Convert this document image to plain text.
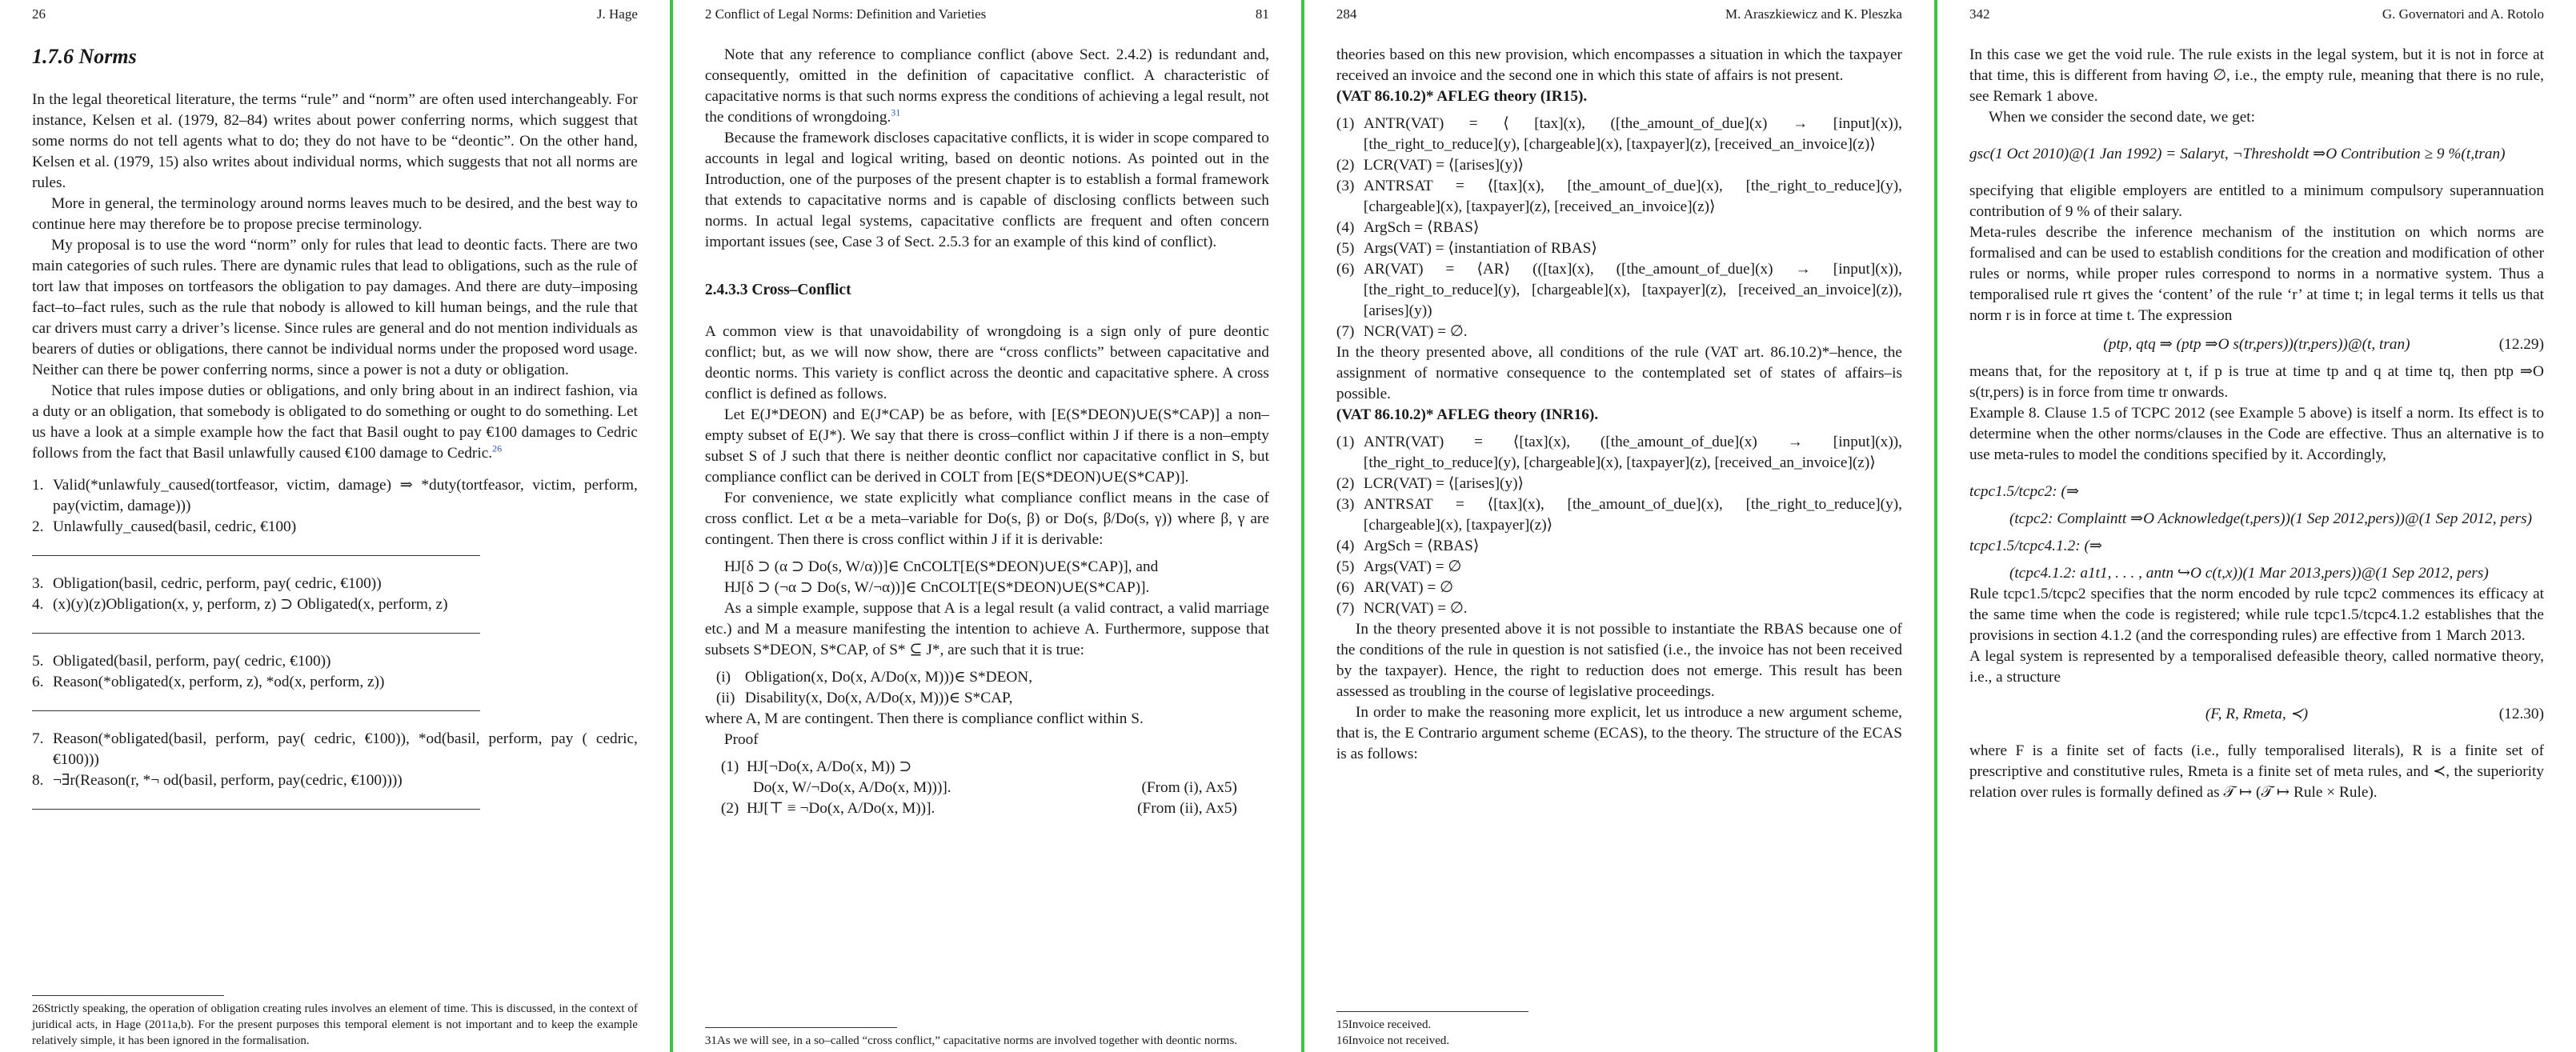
26	J. Hage
1.7.6 Norms

In the legal theoretical literature, the terms “rule” and “norm” are often used interchangeably. For instance, Kelsen et al. (1979, 82–84) writes about power conferring norms, which suggest that some norms do not tell agents what to do; they do not have to be “deontic”. On the other hand, Kelsen et al. (1979, 15) also writes about individual norms, which suggests that not all norms are rules.

More in general, the terminology around norms leaves much to be desired, and the best way to continue here may therefore be to propose precise terminology.

My proposal is to use the word “norm” only for rules that lead to deontic facts. There are two main categories of such rules. There are dynamic rules that lead to obligations, such as the rule of tort law that imposes on tortfeasors the obligation to pay damages. And there are duty–imposing fact–to–fact rules, such as the rule that nobody is allowed to kill human beings, and the rule that car drivers must carry a driver’s license. Since rules are general and do not mention individuals as bearers of duties or obligations, there cannot be individual norms under the proposed word usage. Neither can there be power conferring norms, since a power is not a duty or obligation.

Notice that rules impose duties or obligations, and only bring about in an indirect fashion, via a duty or an obligation, that somebody is obligated to do something or ought to do something. Let us have a look at a simple example how the fact that Basil ought to pay €100 damages to Cedric follows from the fact that Basil unlawfully caused €100 damage to Cedric.$^{26}$

1. Valid(*unlawfuly_caused(tortfeasor, victim, damage) ⇒ *duty(tortfeasor, victim, perform, pay(victim, damage)))
2. Unlawfully_caused(basil, cedric, €100)
3. Obligation(basil, cedric, perform, pay( cedric, €100))
4. (x)(y)(z)Obligation(x, y, perform, z) ⊃ Obligated(x, perform, z)
5. Obligated(basil, perform, pay( cedric, €100))
6. Reason(*obligated(x, perform, z), *od(x, perform, z))
7. Reason(*obligated(basil, perform, pay( cedric, €100)), *od(basil, perform, pay ( cedric, €100)))
8. ¬∃r(Reason(r, *¬ od(basil, perform, pay(cedric, €100))))
26Strictly speaking, the operation of obligation creating rules involves an element of time. This is discussed, in the context of juridical acts, in Hage (2011a,b). For the present purposes this temporal element is not important and to keep the example relatively simple, it has been ignored in the formalisation.
2 Conflict of Legal Norms: Definition and Varieties	81

Note that any reference to compliance conflict (above Sect. 2.4.2) is redundant and, consequently, omitted in the definition of capacitative conflict. A characteristic of capacitative norms is that such norms express the conditions of achieving a legal result, not the conditions of wrongdoing.$^{31}$

Because the framework discloses capacitative conflicts, it is wider in scope compared to accounts in legal and logical writing, based on deontic notions. As pointed out in the Introduction, one of the purposes of the present chapter is to establish a formal framework that extends to capacitative norms and is capable of disclosing conflicts between such norms. In actual legal systems, capacitative conflicts are frequent and often concern important issues (see, Case 3 of Sect. 2.5.3 for an example of this kind of conflict).

2.4.3.3 Cross–Conflict

A common view is that unavoidability of wrongdoing is a sign only of pure deontic conflict; but, as we will now show, there are “cross conflicts” between capacitative and deontic norms. This variety is conflict across the deontic and capacitative sphere. A cross conflict is defined as follows.

Let E(J*DEON) and E(J*CAP) be as before, with [E(S*DEON)∪E(S*CAP)] a non–empty subset of E(J*). We say that there is cross–conflict within J if there is a non–empty subset S of J such that there is neither deontic conflict nor capacitative conflict in S, but compliance conflict can be derived in COLT from [E(S*DEON)∪E(S*CAP)].

For convenience, we state explicitly what compliance conflict means in the case of cross conflict. Let α be a meta–variable for Do(s, β) or Do(s, β/Do(s, γ)) where β, γ are contingent. Then there is cross conflict within J if it is derivable:

HJ[δ ⊃ (α ⊃ Do(s, W/α))]∈ CnCOLT[E(S*DEON)∪E(S*CAP)], and
HJ[δ ⊃ (¬α ⊃ Do(s, W/¬α))]∈ CnCOLT[E(S*DEON)∪E(S*CAP)].

As a simple example, suppose that A is a legal result (a valid contract, a valid marriage etc.) and M a measure manifesting the intention to achieve A. Furthermore, suppose that subsets S*DEON, S*CAP, of S* ⊆ J*, are such that it is true:

(i) Obligation(x, Do(x, A/Do(x, M)))∈ S*DEON,
(ii) Disability(x, Do(x, A/Do(x, M)))∈ S*CAP,

where A, M are contingent. Then there is compliance conflict within S.

Proof

(1) HJ[¬Do(x, A/Do(x, M)) ⊃
Do(x, W/¬Do(x, A/Do(x, M)))].	(From (i), Ax5)
(2) HJ[⊤ ≡ ¬Do(x, A/Do(x, M))].	(From (ii), Ax5)
31As we will see, in a so–called “cross conflict,” capacitative norms are involved together with deontic norms.
284	M. Araszkiewicz and K. Pleszka

theories based on this new provision, which encompasses a situation in which the taxpayer received an invoice and the second one in which this state of affairs is not present.

(VAT 86.10.2)* AFLEG theory (IR15).

(1) ANTR(VAT) = ⟨ [tax](x), ([the_amount_of_due](x) → [input](x)), [the_right_to_reduce](y), [chargeable](x), [taxpayer](z), [received_an_invoice](z)⟩
(2) LCR(VAT) = ⟨[arises](y)⟩
(3) ANTRSAT = ⟨[tax](x), [the_amount_of_due](x), [the_right_to_reduce](y), [chargeable](x), [taxpayer](z), [received_an_invoice](z)⟩
(4) ArgSch = ⟨RBAS⟩
(5) Args(VAT) = ⟨instantiation of RBAS⟩
(6) AR(VAT) = ⟨AR⟩ (([tax](x), ([the_amount_of_due](x) → [input](x)), [the_right_to_reduce](y), [chargeable](x), [taxpayer](z), [received_an_invoice](z)), [arises](y))
(7) NCR(VAT) = ∅.

In the theory presented above, all conditions of the rule (VAT art. 86.10.2)*–hence, the assignment of normative consequence to the contemplated set of states of affairs–is possible.

(VAT 86.10.2)* AFLEG theory (INR16).

(1) ANTR(VAT) = ⟨[tax](x), ([the_amount_of_due](x) → [input](x)), [the_right_to_reduce](y), [chargeable](x), [taxpayer](z), [received_an_invoice](z)⟩
(2) LCR(VAT) = ⟨[arises](y)⟩
(3) ANTRSAT = ⟨[tax](x), [the_amount_of_due](x), [the_right_to_reduce](y), [chargeable](x), [taxpayer](z)⟩
(4) ArgSch = ⟨RBAS⟩
(5) Args(VAT) = ∅
(6) AR(VAT) = ∅
(7) NCR(VAT) = ∅.

In the theory presented above it is not possible to instantiate the RBAS because one of the conditions of the rule in question is not satisfied (i.e., the invoice has not been received by the taxpayer). Hence, the right to reduction does not emerge. This result has been assessed as troubling in the course of legislative proceedings.

In order to make the reasoning more explicit, let us introduce a new argument scheme, that is, the E Contrario argument scheme (ECAS), to the theory. The structure of the ECAS is as follows:

15Invoice received.
16Invoice not received.
342	G. Governatori and A. Rotolo

In this case we get the void rule. The rule exists in the legal system, but it is not in force at that time, this is different from having ∅, i.e., the empty rule, meaning that there is no rule, see Remark 1 above.

When we consider the second date, we get:

gsc(1 Oct 2010)@(1 Jan 1992) = Salaryt, ¬Thresholdt ⇒O Contribution ≥ 9 %(t,tran)

specifying that eligible employers are entitled to a minimum compulsory superannuation contribution of 9 % of their salary.

Meta-rules describe the inference mechanism of the institution on which norms are formalised and can be used to establish conditions for the creation and modification of other rules or norms, while proper rules correspond to norms in a normative system. Thus a temporalised rule rt gives the ‘content’ of the rule ‘r’ at time t; in legal terms it tells us that norm r is in force at time t. The expression

(ptp, qtq ⇒ (ptp ⇒O s(tr,pers))(tr,pers))@(t, tran)	(12.29)

means that, for the repository at t, if p is true at time tp and q at time tq, then ptp ⇒O s(tr,pers) is in force from time tr onwards.

Example 8. Clause 1.5 of TCPC 2012 (see Example 5 above) is itself a norm. Its effect is to determine when the other norms/clauses in the Code are effective. Thus an alternative is to use meta-rules to model the conditions specified by it. Accordingly,

tcpc1.5/tcpc2: (⇒
(tcpc2: Complaintt ⇒O Acknowledge(t,pers))(1 Sep 2012,pers))@(1 Sep 2012, pers)
tcpc1.5/tcpc4.1.2: (⇒
(tcpc4.1.2: a1t1, . . . , antn ↪O c(t,x))(1 Mar 2013,pers))@(1 Sep 2012, pers)

Rule tcpc1.5/tcpc2 specifies that the norm encoded by rule tcpc2 commences its efficacy at the same time when the code is registered; while rule tcpc1.5/tcpc4.1.2 establishes that the provisions in section 4.1.2 (and the corresponding rules) are effective from 1 March 2013.

A legal system is represented by a temporalised defeasible theory, called normative theory, i.e., a structure

(F, R, Rmeta, ≺)	(12.30)

where F is a finite set of facts (i.e., fully temporalised literals), R is a finite set of prescriptive and constitutive rules, Rmeta is a finite set of meta rules, and ≺, the superiority relation over rules is formally defined as 𝒯 ↦ (𝒯 ↦ Rule × Rule).
